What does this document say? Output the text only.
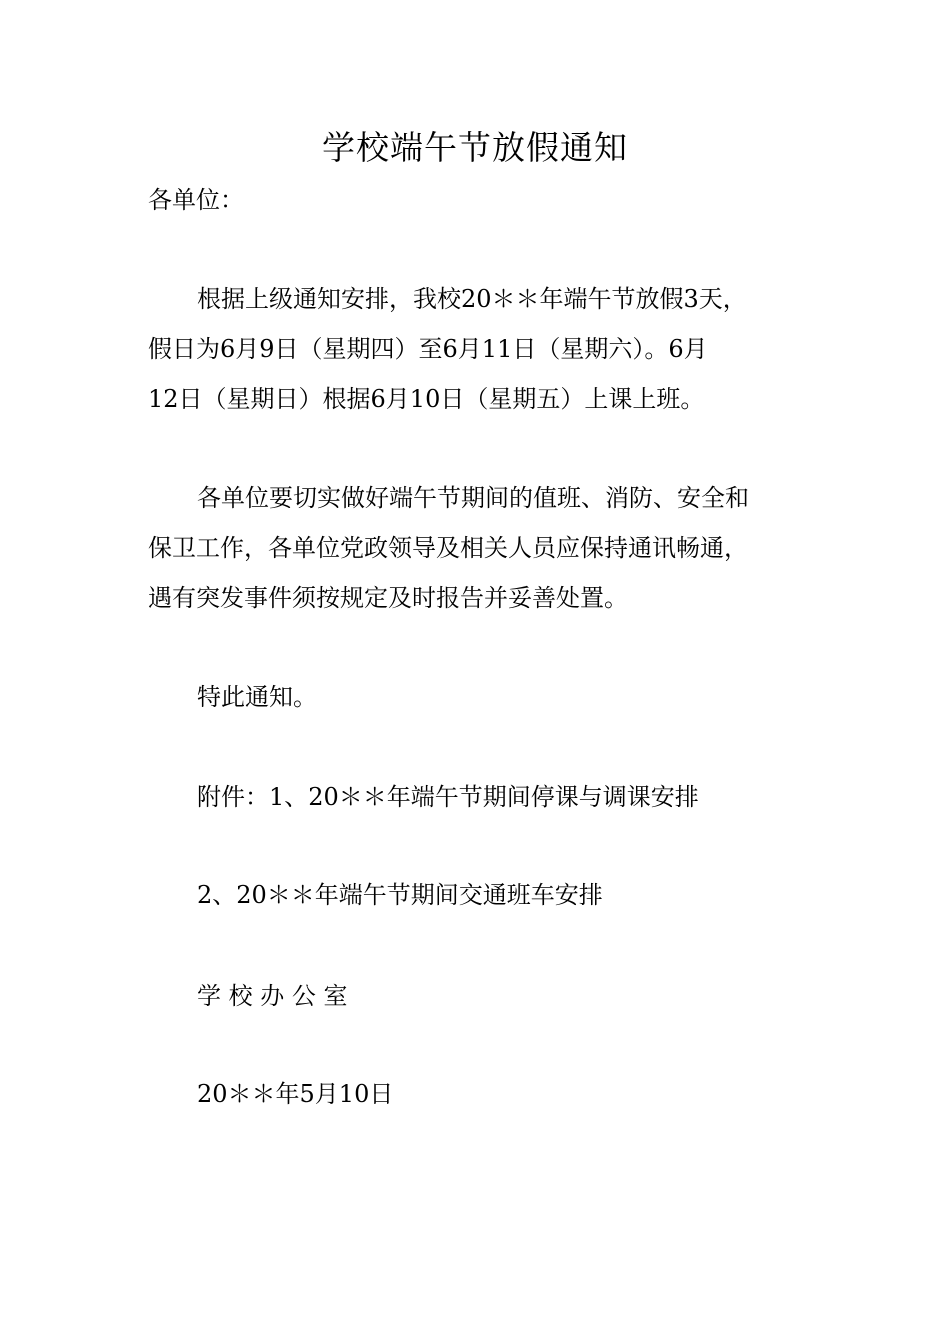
学校端午节放假通知
各单位：
根据上级通知安排，我校20＊＊年端午节放假3天，
假日为6月9日（星期四）至6月11日（星期六）。6月
12日（星期日）根据6月10日（星期五）上课上班。
各单位要切实做好端午节期间的值班、消防、安全和
保卫工作，各单位党政领导及相关人员应保持通讯畅通，
遇有突发事件须按规定及时报告并妥善处置。
特此通知。
附件：1、20＊＊年端午节期间停课与调课安排
2、20＊＊年端午节期间交通班车安排
学 校 办 公 室
20＊＊年5月10日
